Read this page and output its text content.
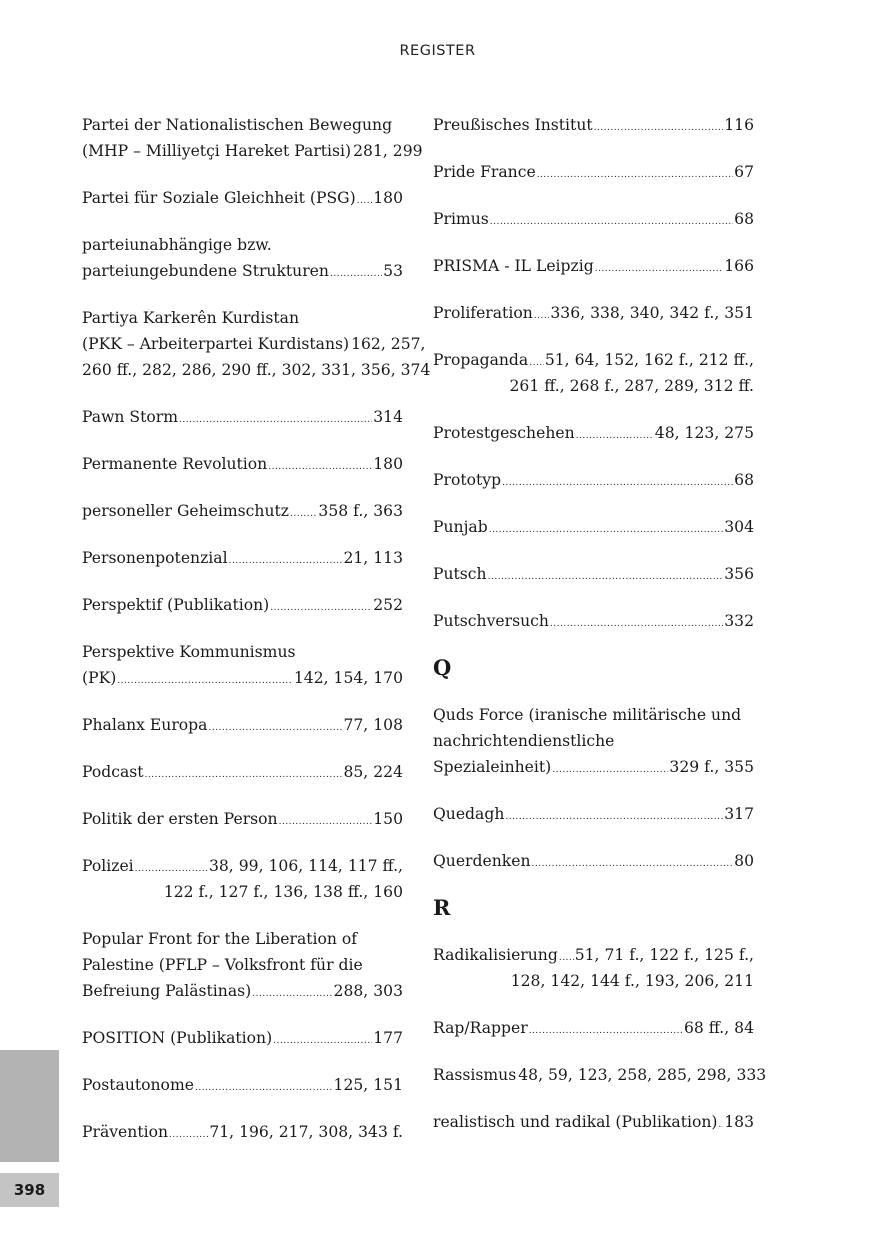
REGISTER
Partei der Nationalistischen Bewegung
(MHP – Milliyetçi Hareket Partisi) 281, 299
Partei für Soziale Gleichheit (PSG) ..... 180
parteiunabhängige bzw.
parteiungebundene Strukturen .....	53
Partiya Karkerên Kurdistan
(PKK – Arbeiterpartei Kurdistans) 162, 257,
260 ff., 282, 286, 290 ff., 302, 331, 356, 374
Pawn Storm .....	314
Permanente Revolution .....	180
personeller Geheimschutz ..... 358 f., 363
Personenpotenzial .....	21, 113
Perspektif (Publikation) .....	252
Perspektive Kommunismus
(PK) .....	142, 154, 170
Phalanx Europa .....	77, 108
Podcast .....	85, 224
Politik der ersten Person .....	150
Polizei .....	38, 99, 106, 114, 117 ff.,
122 f., 127 f., 136, 138 ff., 160
Popular Front for the Liberation of
Palestine (PFLP – Volksfront für die
Befreiung Palästinas) .....	288, 303
POSITION (Publikation) .....	177
Postautonome .....	125, 151
Prävention .....	71, 196, 217, 308, 343 f.
Preußisches Institut .....	116
Pride France .....	67
Primus .....	68
PRISMA - IL Leipzig .....	166
Proliferation ..... 336, 338, 340, 342 f., 351
Propaganda ..... 51, 64, 152, 162 f., 212 ff.,
261 ff., 268 f., 287, 289, 312 ff.
Protestgeschehen .....	48, 123, 275
Prototyp .....	68
Punjab .....	304
Putsch .....	356
Putschversuch .....	332
Q
Quds Force (iranische militärische und
nachrichtendienstliche
Spezialeinheit) .....	329 f., 355
Quedagh .....	317
Querdenken .....	80
R
Radikalisierung ..... 51, 71 f., 122 f., 125 f.,
128, 142, 144 f., 193, 206, 211
Rap/Rapper .....	68 ff., 84
Rassismus 48, 59, 123, 258, 285, 298, 333
realistisch und radikal (Publikation) ..... 183
398
